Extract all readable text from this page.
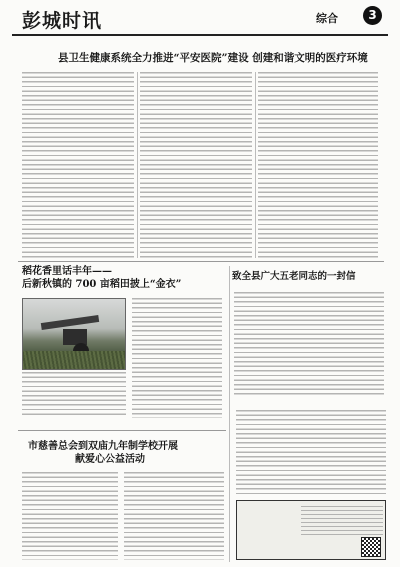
彭城时讯	综合	3
县卫生健康系统全力推进“平安医院”建设 创建和谐文明的医疗环境
稻花香里话丰年——
后新秋镇的 700 亩稻田披上“金衣”
致全县广大五老同志的一封信
市慈善总会到双庙九年制学校开展
献爱心公益活动
